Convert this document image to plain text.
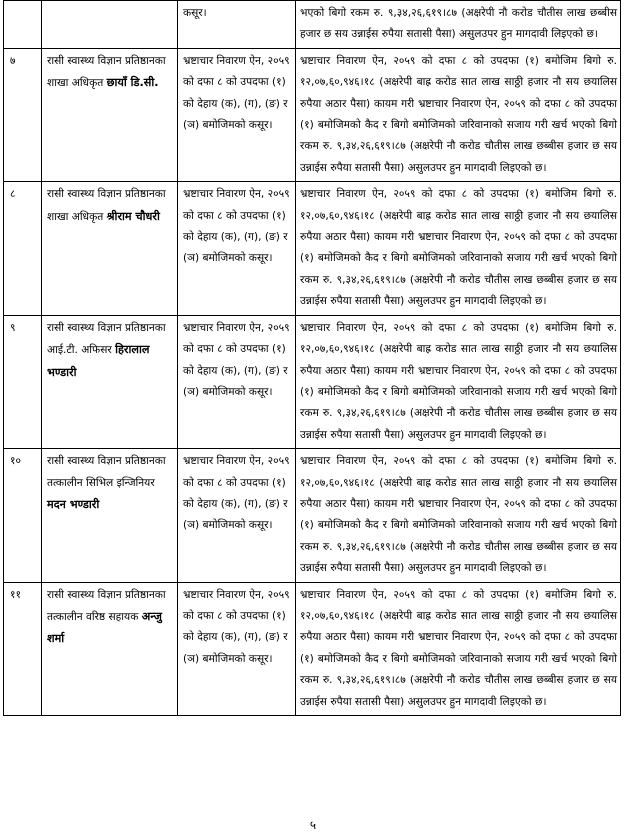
		कसूर।	भएको बिगो रकम रु. ९,३४,२६,६१९।८७ (अक्षरेपी नौ करोड चौतीस लाख छब्बीस हजार छ सय उन्नाईस रुपैया सतासी पैसा) असुलउपर हुन मागदावी लिइएको छ।
७	रासी स्वास्थ्य विज्ञान प्रतिष्ठानका शाखा अधिकृत छायाँ डि.सी.	भ्रष्टाचार निवारण ऐन, २०५९ को दफा ८ को उपदफा (१) को देहाय (क), (ग), (ङ) र (ञ) बमोजिमको कसूर।	भ्रष्टाचार निवारण ऐन, २०५९ को दफा ८ को उपदफा (१) बमोजिम बिगो रु. १२,०७,६०,९४६।१८ (अक्षरेपी बाह्र करोड सात लाख साठ्ठी हजार नौ सय छयालिस रुपैया अठार पैसा) कायम गरी भ्रष्टाचार निवारण ऐन, २०५९ को दफा ८ को उपदफा (१) बमोजिमको कैद र बिगो बमोजिमको जरिवानाको सजाय गरी खर्च भएको बिगो रकम रु. ९,३४,२६,६१९।८७ (अक्षरेपी नौ करोड चौतीस लाख छब्बीस हजार छ सय उन्नाईस रुपैया सतासी पैसा) असुलउपर हुन मागदावी लिइएको छ।
८	रासी स्वास्थ्य विज्ञान प्रतिष्ठानका शाखा अधिकृत श्रीराम चौधरी	भ्रष्टाचार निवारण ऐन, २०५९ को दफा ८ को उपदफा (१) को देहाय (क), (ग), (ङ) र (ञ) बमोजिमको कसूर।	भ्रष्टाचार निवारण ऐन, २०५९ को दफा ८ को उपदफा (१) बमोजिम बिगो रु. १२,०७,६०,९४६।१८ (अक्षरेपी बाह्र करोड सात लाख साठ्ठी हजार नौ सय छयालिस रुपैया अठार पैसा) कायम गरी भ्रष्टाचार निवारण ऐन, २०५९ को दफा ८ को उपदफा (१) बमोजिमको कैद र बिगो बमोजिमको जरिवानाको सजाय गरी खर्च भएको बिगो रकम रु. ९,३४,२६,६१९।८७ (अक्षरेपी नौ करोड चौतीस लाख छब्बीस हजार छ सय उन्नाईस रुपैया सतासी पैसा) असुलउपर हुन मागदावी लिइएको छ।
९	रासी स्वास्थ्य विज्ञान प्रतिष्ठानका आई.टी. अफिसर हिरालाल भण्डारी	भ्रष्टाचार निवारण ऐन, २०५९ को दफा ८ को उपदफा (१) को देहाय (क), (ग), (ङ) र (ञ) बमोजिमको कसूर।	भ्रष्टाचार निवारण ऐन, २०५९ को दफा ८ को उपदफा (१) बमोजिम बिगो रु. १२,०७,६०,९४६।१८ (अक्षरेपी बाह्र करोड सात लाख साठ्ठी हजार नौ सय छयालिस रुपैया अठार पैसा) कायम गरी भ्रष्टाचार निवारण ऐन, २०५९ को दफा ८ को उपदफा (१) बमोजिमको कैद र बिगो बमोजिमको जरिवानाको सजाय गरी खर्च भएको बिगो रकम रु. ९,३४,२६,६१९।८७ (अक्षरेपी नौ करोड चौतीस लाख छब्बीस हजार छ सय उन्नाईस रुपैया सतासी पैसा) असुलउपर हुन मागदावी लिइएको छ।
१०	रासी स्वास्थ्य विज्ञान प्रतिष्ठानका तत्कालीन सिभिल इन्जिनियर मदन भण्डारी	भ्रष्टाचार निवारण ऐन, २०५९ को दफा ८ को उपदफा (१) को देहाय (क), (ग), (ङ) र (ञ) बमोजिमको कसूर।	भ्रष्टाचार निवारण ऐन, २०५९ को दफा ८ को उपदफा (१) बमोजिम बिगो रु. १२,०७,६०,९४६।१८ (अक्षरेपी बाह्र करोड सात लाख साठ्ठी हजार नौ सय छयालिस रुपैया अठार पैसा) कायम गरी भ्रष्टाचार निवारण ऐन, २०५९ को दफा ८ को उपदफा (१) बमोजिमको कैद र बिगो बमोजिमको जरिवानाको सजाय गरी खर्च भएको बिगो रकम रु. ९,३४,२६,६१९।८७ (अक्षरेपी नौ करोड चौतीस लाख छब्बीस हजार छ सय उन्नाईस रुपैया सतासी पैसा) असुलउपर हुन मागदावी लिइएको छ।
११	रासी स्वास्थ्य विज्ञान प्रतिष्ठानका तत्कालीन वरिष्ठ सहायक अन्जु शर्मा	भ्रष्टाचार निवारण ऐन, २०५९ को दफा ८ को उपदफा (१) को देहाय (क), (ग), (ङ) र (ञ) बमोजिमको कसूर।	भ्रष्टाचार निवारण ऐन, २०५९ को दफा ८ को उपदफा (१) बमोजिम बिगो रु. १२,०७,६०,९४६।१८ (अक्षरेपी बाह्र करोड सात लाख साठ्ठी हजार नौ सय छयालिस रुपैया अठार पैसा) कायम गरी भ्रष्टाचार निवारण ऐन, २०५९ को दफा ८ को उपदफा (१) बमोजिमको कैद र बिगो बमोजिमको जरिवानाको सजाय गरी खर्च भएको बिगो रकम रु. ९,३४,२६,६१९।८७ (अक्षरेपी नौ करोड चौतीस लाख छब्बीस हजार छ सय उन्नाईस रुपैया सतासी पैसा) असुलउपर हुन मागदावी लिइएको छ।
५
